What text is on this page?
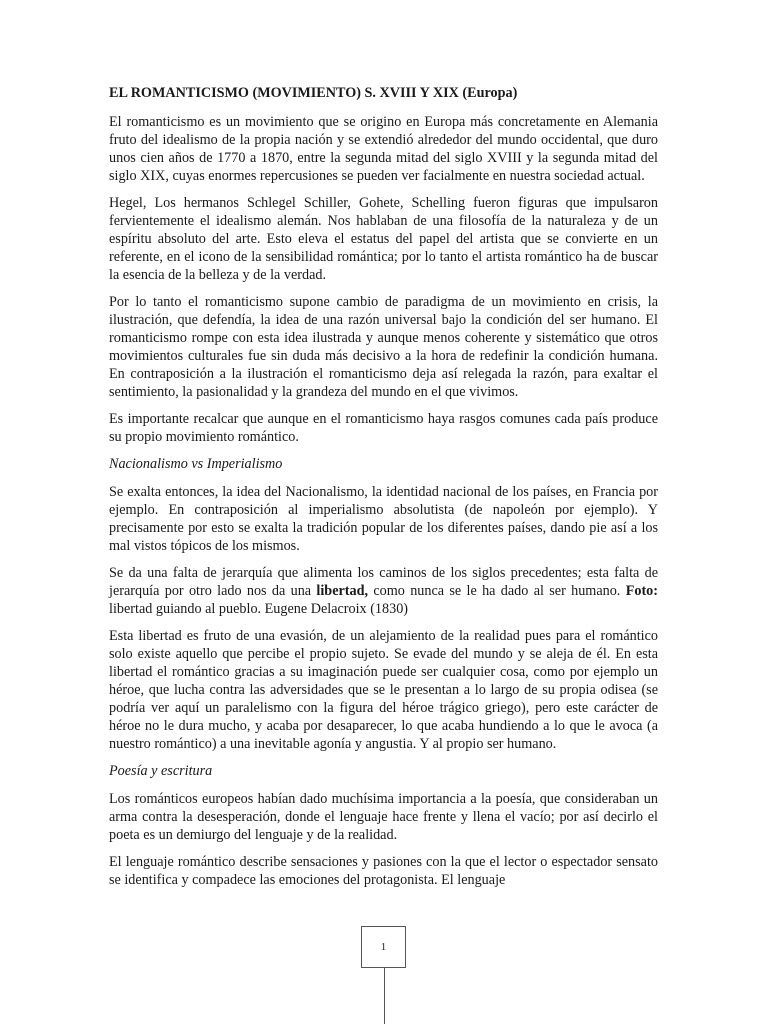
EL ROMANTICISMO (MOVIMIENTO) S. XVIII Y XIX (Europa)

El romanticismo es un movimiento que se origino en Europa más concretamente en Alemania fruto del idealismo de la propia nación y se extendió alrededor del mundo occidental, que duro unos cien años de 1770 a 1870, entre la segunda mitad del siglo XVIII y la segunda mitad del siglo XIX, cuyas enormes repercusiones se pueden ver facialmente en nuestra sociedad actual.

Hegel, Los hermanos Schlegel Schiller, Gohete, Schelling fueron figuras que impulsaron fervientemente el idealismo alemán. Nos hablaban de una filosofía de la naturaleza y de un espíritu absoluto del arte. Esto eleva el estatus del papel del artista que se convierte en un referente, en el icono de la sensibilidad romántica; por lo tanto el artista romántico ha de buscar la esencia de la belleza y de la verdad.

Por lo tanto el romanticismo supone cambio de paradigma de un movimiento en crisis, la ilustración, que defendía, la idea de una razón universal bajo la condición del ser humano. El romanticismo rompe con esta idea ilustrada y aunque menos coherente y sistemático que otros movimientos culturales fue sin duda más decisivo a la hora de redefinir la condición humana. En contraposición a la ilustración el romanticismo deja así relegada la razón, para exaltar el sentimiento, la pasionalidad y la grandeza del mundo en el que vivimos.

Es importante recalcar que aunque en el romanticismo haya rasgos comunes cada país produce su propio movimiento romántico.

Nacionalismo vs Imperialismo

Se exalta entonces, la idea del Nacionalismo, la identidad nacional de los países, en Francia por ejemplo. En contraposición al imperialismo absolutista (de napoleón por ejemplo). Y precisamente por esto se exalta la tradición popular de los diferentes países, dando pie así a los mal vistos tópicos de los mismos.

Se da una falta de jerarquía que alimenta los caminos de los siglos precedentes; esta falta de jerarquía por otro lado nos da una libertad, como nunca se le ha dado al ser humano. Foto: libertad guiando al pueblo. Eugene Delacroix (1830)

Esta libertad es fruto de una evasión, de un alejamiento de la realidad pues para el romántico solo existe aquello que percibe el propio sujeto. Se evade del mundo y se aleja de él. En esta libertad el romántico gracias a su imaginación puede ser cualquier cosa, como por ejemplo un héroe, que lucha contra las adversidades que se le presentan a lo largo de su propia odisea (se podría ver aquí un paralelismo con la figura del héroe trágico griego), pero este carácter de héroe no le dura mucho, y acaba por desaparecer, lo que acaba hundiendo a lo que le avoca (a nuestro romántico) a una inevitable agonía y angustia. Y al propio ser humano.

Poesía y escritura

Los románticos europeos habían dado muchísima importancia a la poesía, que consideraban un arma contra la desesperación, donde el lenguaje hace frente y llena el vacío; por así decirlo el poeta es un demiurgo del lenguaje y de la realidad.

El lenguaje romántico describe sensaciones y pasiones con la que el lector o espectador sensato se identifica y compadece las emociones del protagonista. El lenguaje

1
